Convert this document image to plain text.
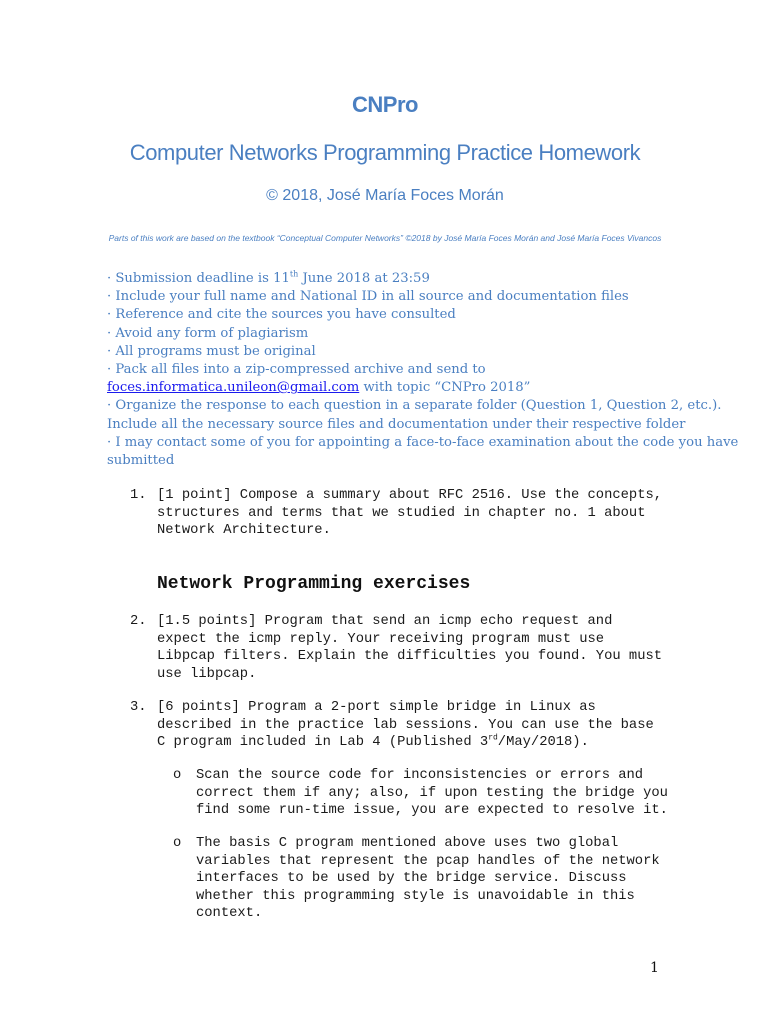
CNPro
Computer Networks Programming Practice Homework
© 2018, José María Foces Morán
Parts of this work are based on the textbook “Conceptual Computer Networks” ©2018 by José María Foces Morán and José María Foces Vivancos
· Submission deadline is 11th June 2018 at 23:59
· Include your full name and National ID in all source and documentation files
· Reference and cite the sources you have consulted
· Avoid any form of plagiarism
· All programs must be original
· Pack all files into a zip-compressed archive and send to
foces.informatica.unileon@gmail.com with topic “CNPro 2018”
· Organize the response to each question in a separate folder (Question 1, Question 2, etc.).
Include all the necessary source files and documentation under their respective folder
· I may contact some of you for appointing a face-to-face examination about the code you have
submitted
1. [1 point] Compose a summary about RFC 2516. Use the concepts,
structures and terms that we studied in chapter no. 1 about
Network Architecture.
Network Programming exercises
2. [1.5 points] Program that send an icmp echo request and
expect the icmp reply. Your receiving program must use
Libpcap filters. Explain the difficulties you found. You must
use libpcap.
3. [6 points] Program a 2-port simple bridge in Linux as
described in the practice lab sessions. You can use the base
C program included in Lab 4 (Published 3rd/May/2018).
o Scan the source code for inconsistencies or errors and
correct them if any; also, if upon testing the bridge you
find some run-time issue, you are expected to resolve it.
o The basis C program mentioned above uses two global
variables that represent the pcap handles of the network
interfaces to be used by the bridge service. Discuss
whether this programming style is unavoidable in this
context.
1
